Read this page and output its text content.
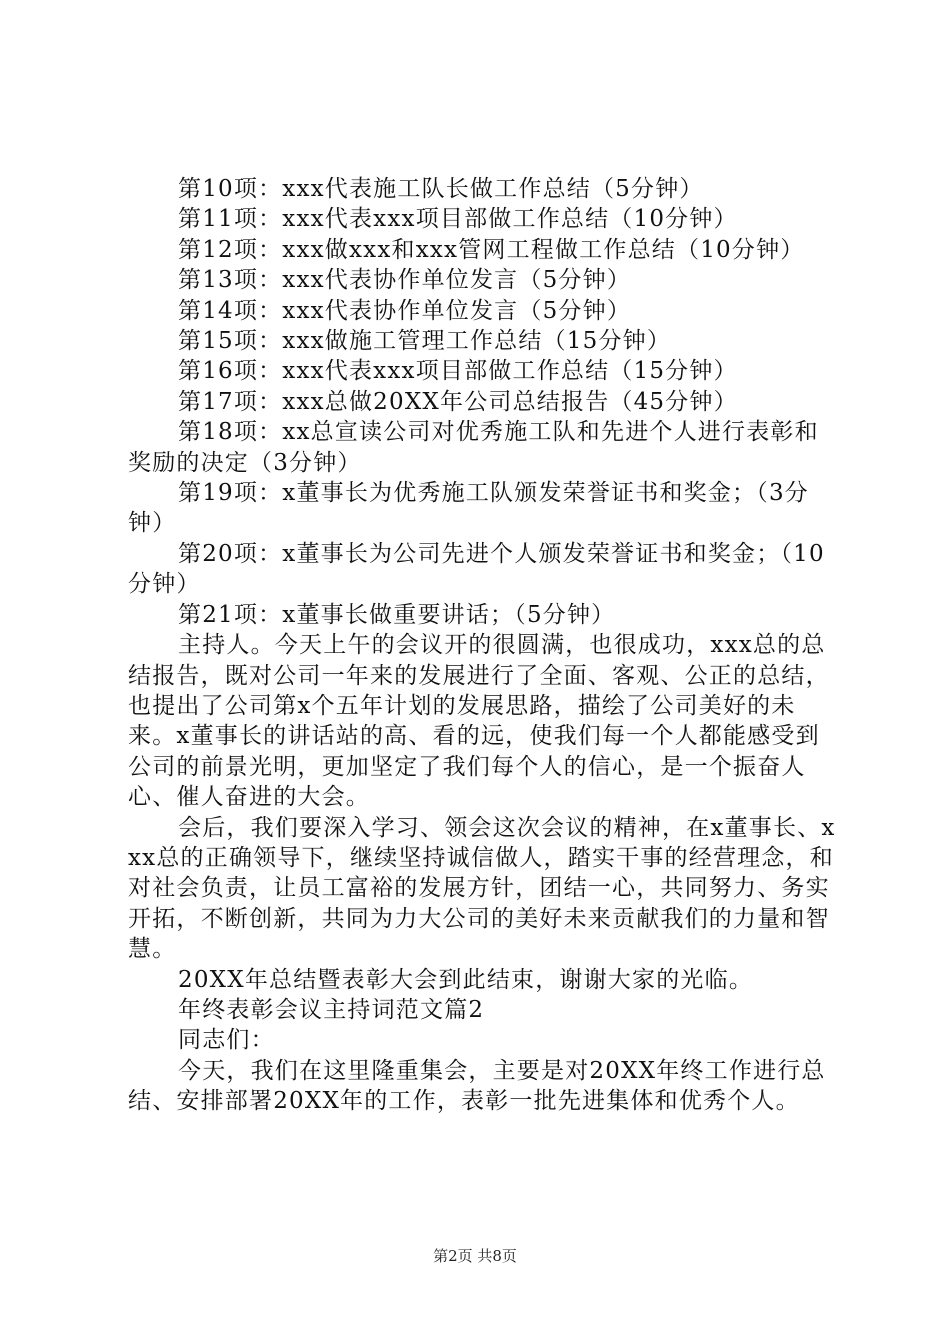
第10项：xxx代表施工队长做工作总结（5分钟）

第11项：xxx代表xxx项目部做工作总结（10分钟）

第12项：xxx做xxx和xxx管网工程做工作总结（10分钟）

第13项：xxx代表协作单位发言（5分钟）

第14项：xxx代表协作单位发言（5分钟）

第15项：xxx做施工管理工作总结（15分钟）

第16项：xxx代表xxx项目部做工作总结（15分钟）

第17项：xxx总做20XX年公司总结报告（45分钟）

第18项：xx总宣读公司对优秀施工队和先进个人进行表彰和奖励的决定（3分钟）

第19项：x董事长为优秀施工队颁发荣誉证书和奖金；（3分钟）

第20项：x董事长为公司先进个人颁发荣誉证书和奖金；（10分钟）

第21项：x董事长做重要讲话；（5分钟）

主持人。今天上午的会议开的很圆满，也很成功，xxx总的总结报告，既对公司一年来的发展进行了全面、客观、公正的总结，也提出了公司第x个五年计划的发展思路，描绘了公司美好的未来。x董事长的讲话站的高、看的远，使我们每一个人都能感受到公司的前景光明，更加坚定了我们每个人的信心，是一个振奋人心、催人奋进的大会。

会后，我们要深入学习、领会这次会议的精神，在x董事长、xxx总的正确领导下，继续坚持诚信做人，踏实干事的经营理念，和对社会负责，让员工富裕的发展方针，团结一心，共同努力、务实开拓，不断创新，共同为力大公司的美好未来贡献我们的力量和智慧。

20XX年总结暨表彰大会到此结束，谢谢大家的光临。

年终表彰会议主持词范文篇2

同志们：

今天，我们在这里隆重集会，主要是对20XX年终工作进行总结、安排部署20XX年的工作，表彰一批先进集体和优秀个人。

第2页 共8页
